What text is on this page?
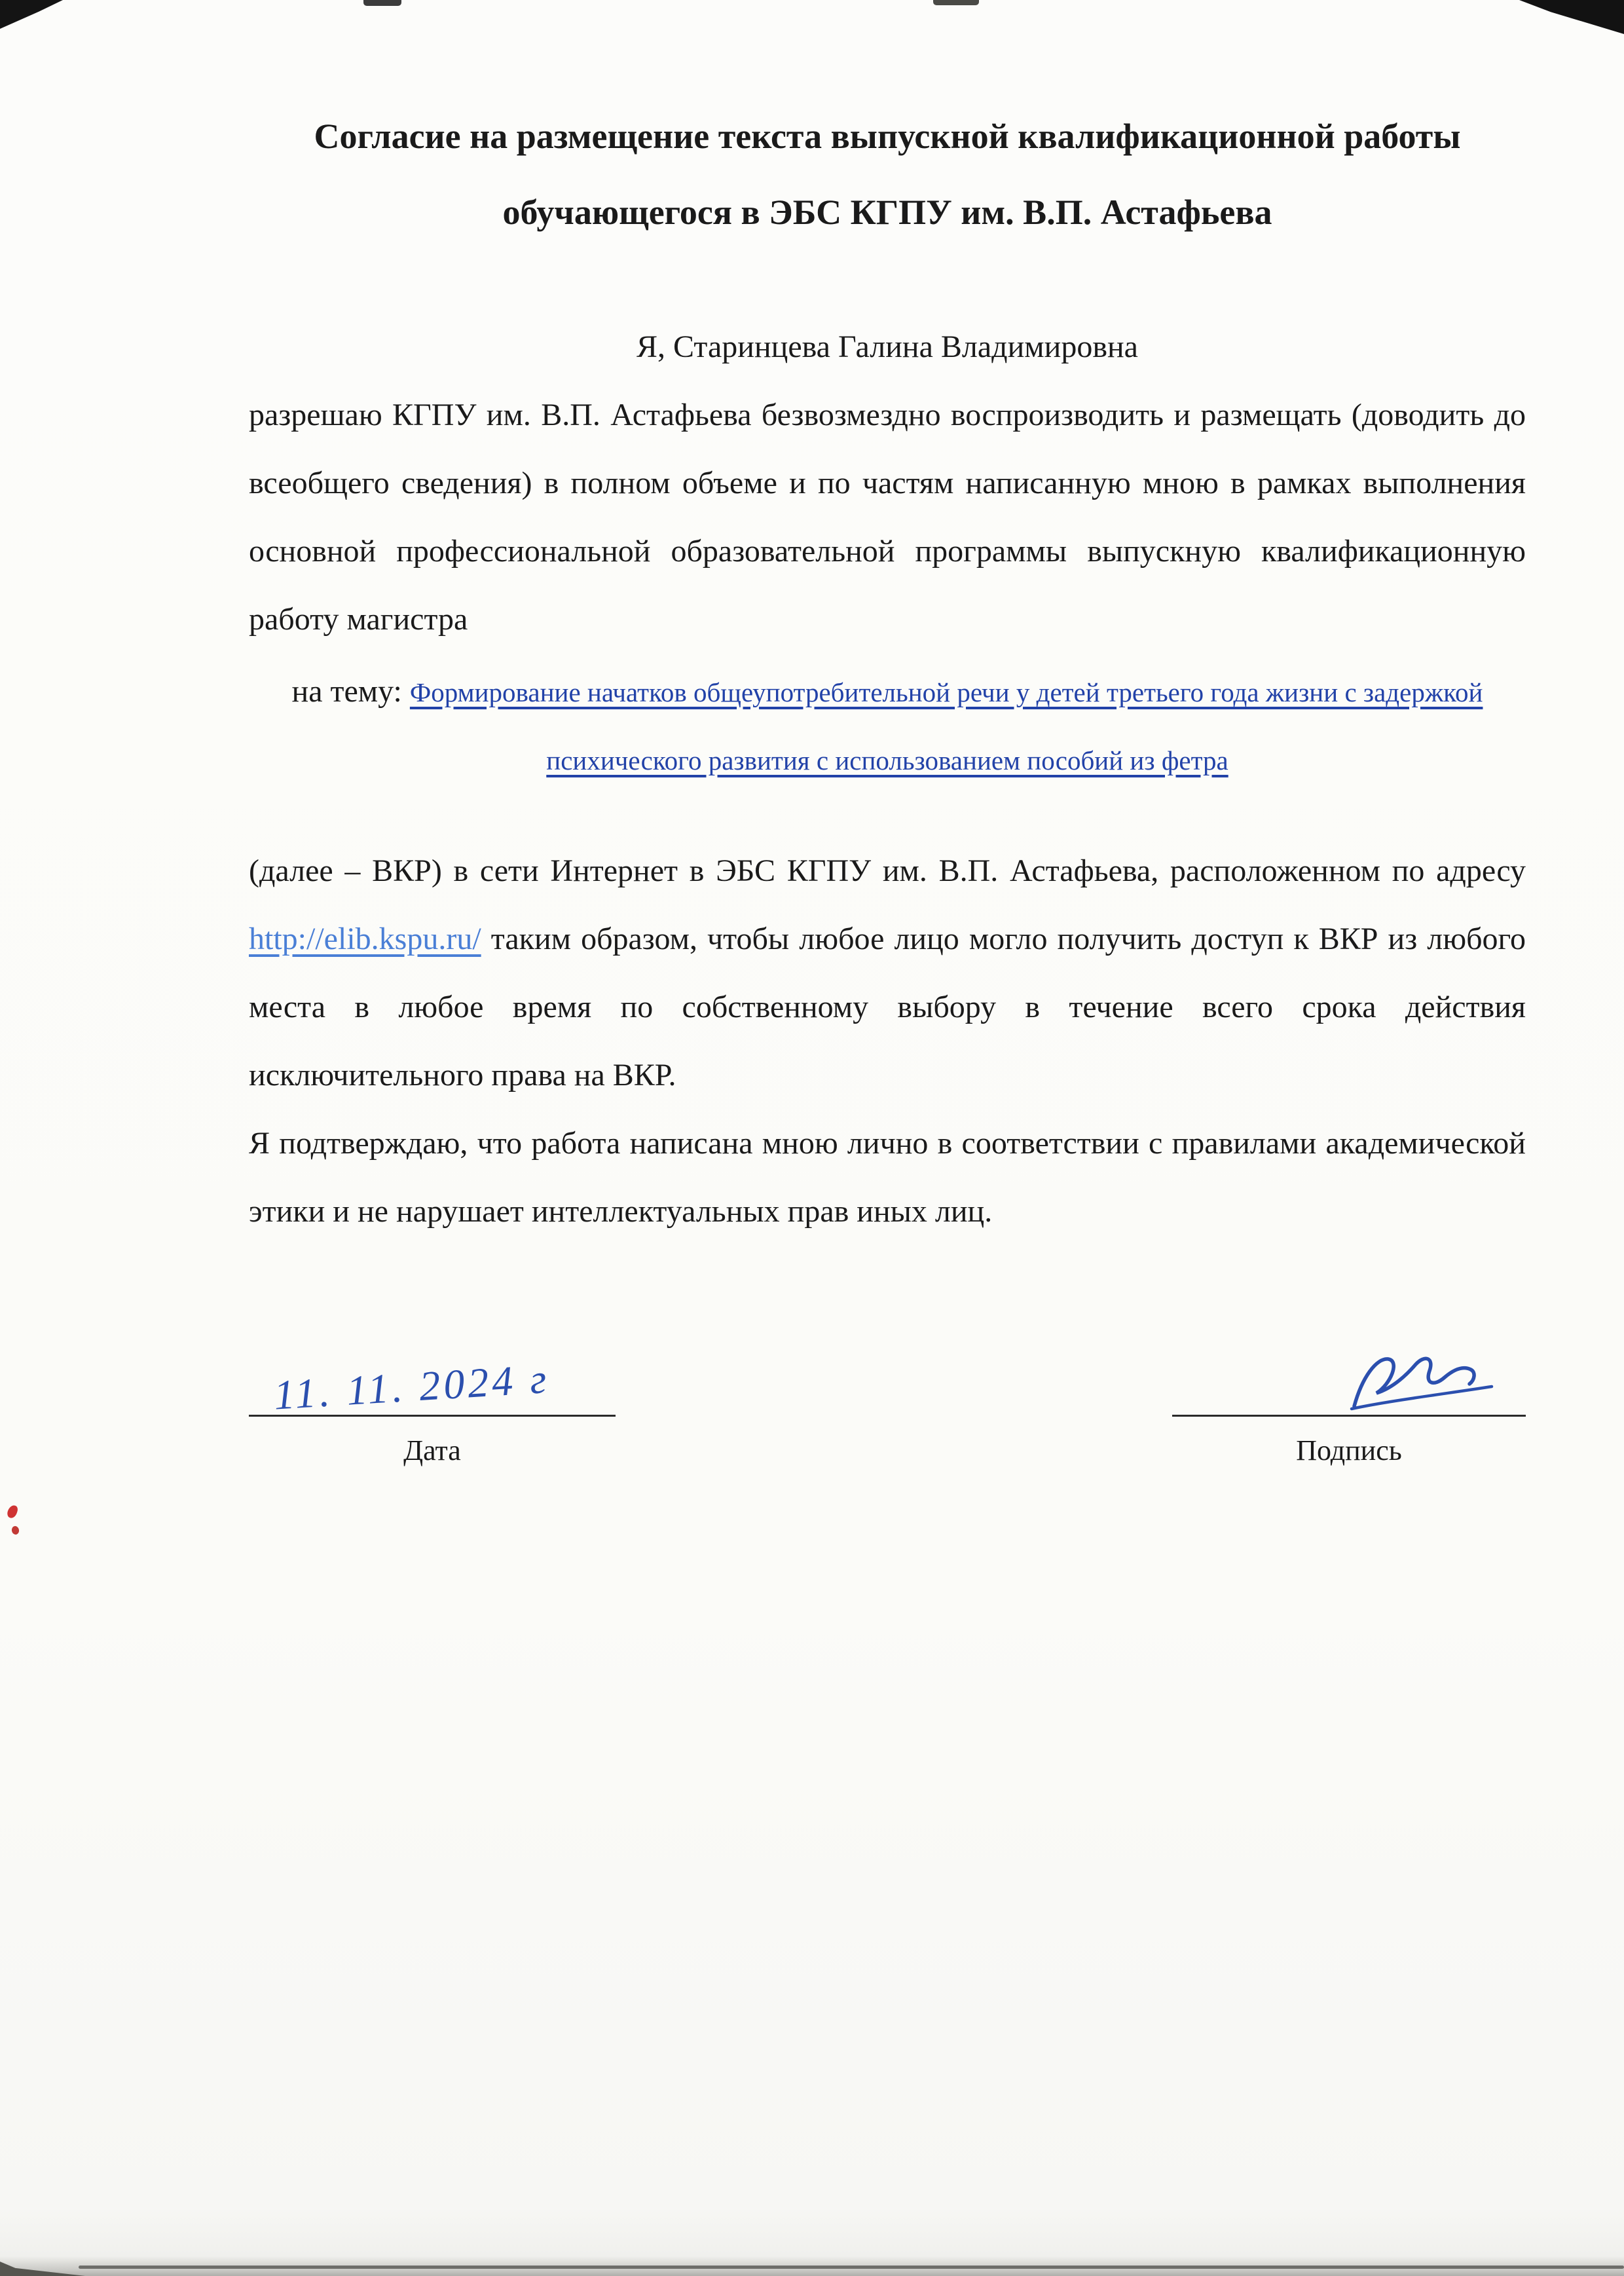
Согласие на размещение текста выпускной квалификационной работы обучающегося в ЭБС КГПУ им. В.П. Астафьева
Я, Старинцева Галина Владимировна

разрешаю КГПУ им. В.П. Астафьева безвозмездно воспроизводить и размещать (доводить до всеобщего сведения) в полном объеме и по частям написанную мною в рамках выполнения основной профессиональной образовательной программы выпускную квалификационную работу магистра

на тему: Формирование начатков общеупотребительной речи у детей третьего года жизни с задержкой психического развития с использованием пособий из фетра

(далее – ВКР) в сети Интернет в ЭБС КГПУ им. В.П. Астафьева, расположенном по адресу http://elib.kspu.ru/ таким образом, чтобы любое лицо могло получить доступ к ВКР из любого места в любое время по собственному выбору в течение всего срока действия исключительного права на ВКР.

Я подтверждаю, что работа написана мною лично в соответствии с правилами академической этики и не нарушает интеллектуальных прав иных лиц.

11. 11. 2024 г
Дата	Подпись
